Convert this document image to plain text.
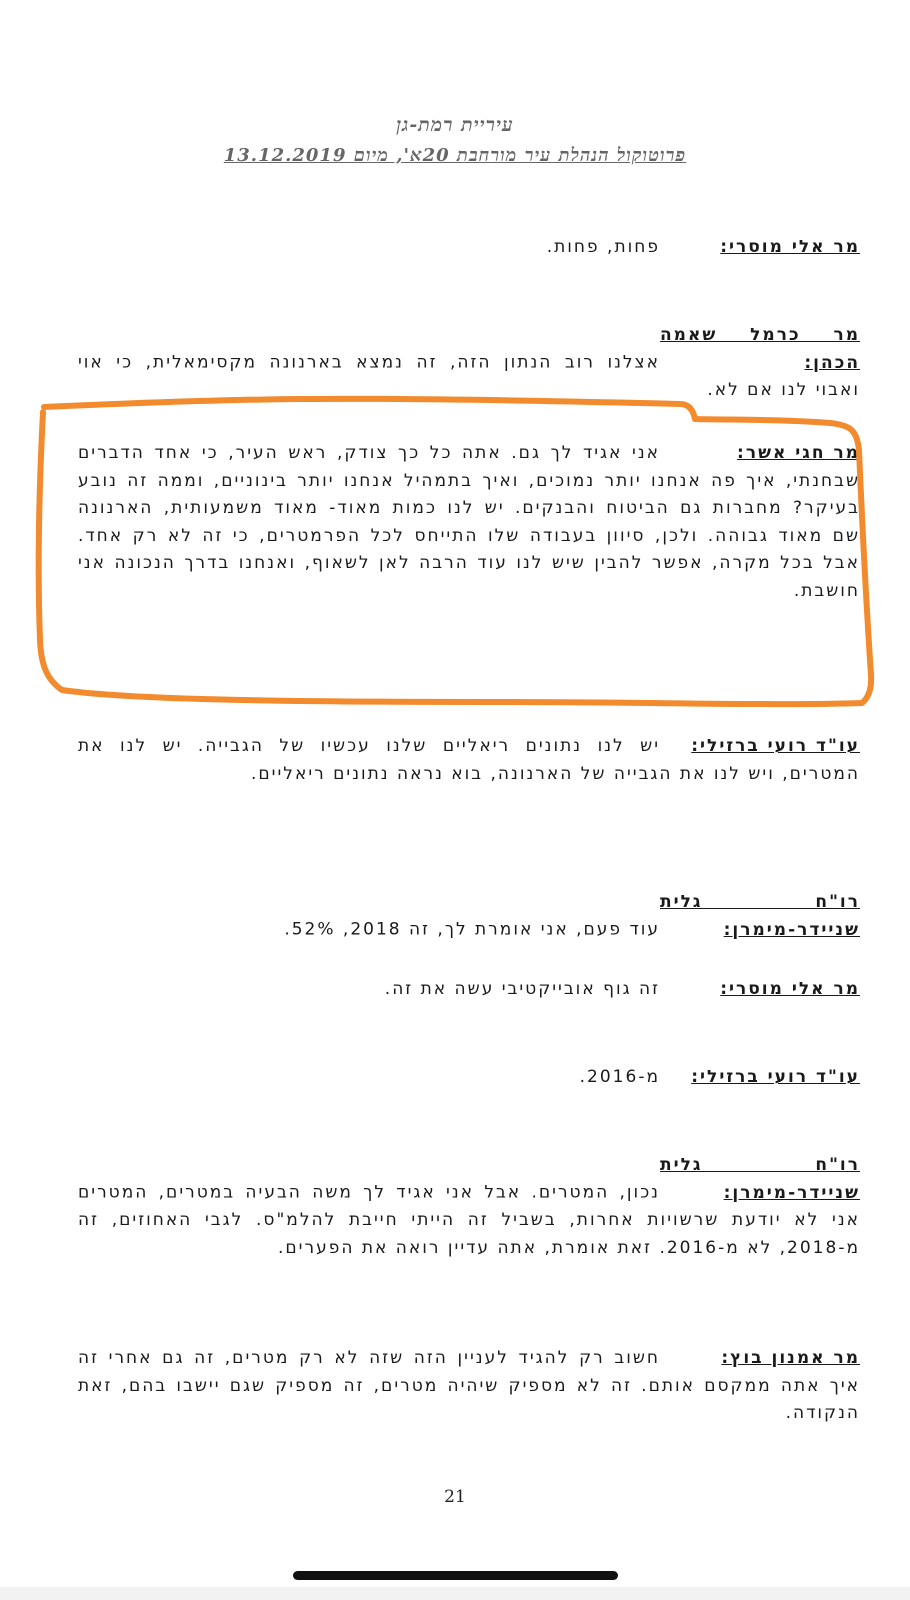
עיריית רמת-גן
פרוטוקול הנהלת עיר מורחבת 20א', מיום 13.12.2019
מר אלי מוסרי:פחות, פחות.
מר כרמל שאמה הכהן:אצלנו רוב הנתון הזה, זה נמצא בארנונה מקסימאלית, כי אוי ואבוי לנו אם לא.
מר חגי אשר:אני אגיד לך גם. אתה כל כך צודק, ראש העיר, כי אחד הדברים שבחנתי, איך פה אנחנו יותר נמוכים, ואיך בתמהיל אנחנו יותר בינוניים, וממה זה נובע בעיקר? מחברות גם הביטוח והבנקים. יש לנו כמות מאוד- מאוד משמעותית, הארנונה שם מאוד גבוהה. ולכן, סיוון בעבודה שלו התייחס לכל הפרמטרים, כי זה לא רק אחד. אבל בכל מקרה, אפשר להבין שיש לנו עוד הרבה לאן לשאוף, ואנחנו בדרך הנכונה אני חושבת.
עו"ד רועי ברזילי:יש לנו נתונים ריאליים שלנו עכשיו של הגבייה. יש לנו את המטרים, ויש לנו את הגבייה של הארנונה, בוא נראה נתונים ריאליים.
רו"ח גלית שניידר-מימרן:עוד פעם, אני אומרת לך, זה 2018, 52%.
מר אלי מוסרי:זה גוף אובייקטיבי עשה את זה.
עו"ד רועי ברזילי:מ-2016.
רו"ח גלית שניידר-מימרן:נכון, המטרים. אבל אני אגיד לך משה הבעיה במטרים, המטרים אני לא יודעת שרשויות אחרות, בשביל זה הייתי חייבת להלמ"ס. לגבי האחוזים, זה מ-2018, לא מ-2016. זאת אומרת, אתה עדיין רואה את הפערים.
מר אמנון בוץ:חשוב רק להגיד לעניין הזה שזה לא רק מטרים, זה גם אחרי זה איך אתה ממקסם אותם. זה לא מספיק שיהיה מטרים, זה מספיק שגם יישבו בהם, זאת הנקודה.
21
